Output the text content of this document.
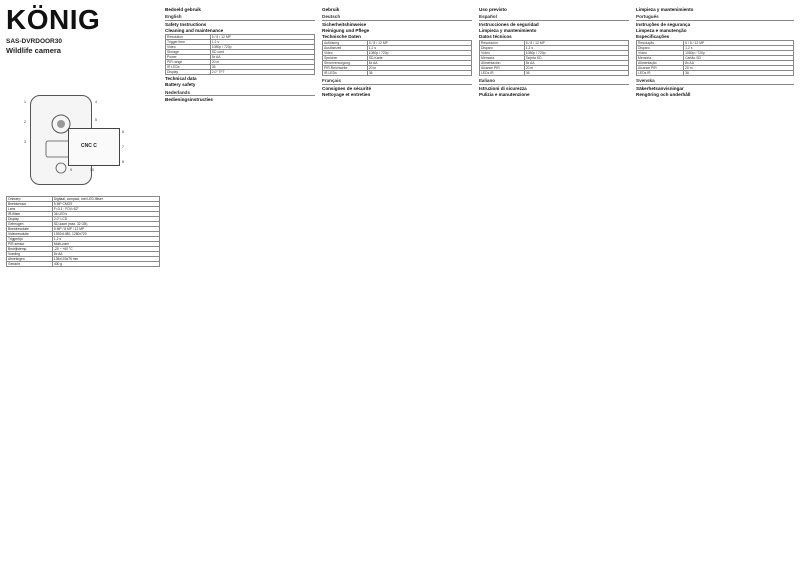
KÖNIG
SAS-DVRDOOR30
Wildlife camera
CNC C
1
2
3
4
5
6
7
8
9	10
Ontwerp	Digitaal, compact, met LED-flitser
Beeldsensor	5 MP CMOS
Lens	F=3.1 ; FOV=52°
IR-flitser	36 LED's
Display	2.0" LCD
Geheugen	SD-kaart (max. 32 GB)
Beeldresolutie	5 MP / 8 MP / 12 MP
Videoresolutie	1920x1080, 1280x720
Triggertijd	1,2 s
PIR-sensor	Multi-zone
Bedrijfstemp.	-20 ~ +60 °C
Voeding	8x AA
Afmetingen	135x103x75 mm
Gewicht	400 g
Bedoeld gebruik
English
Safety Instructions
Cleaning and maintenance
Resolution	5 / 8 / 12 MP
Trigger time	1.2 s
Video	1080p / 720p
Storage	SD card
Power	8x AA
PIR range	20 m
IR LEDs	36
Display	2.0" TFT
Technical data
Battery safety
Nederlands
Bedieningsinstructies
Gebruik
Deutsch
Sicherheitshinweise
Reinigung und Pflege
Technische Daten
Auflösung	5 / 8 / 12 MP
Auslösezeit	1,2 s
Video	1080p / 720p
Speicher	SD-Karte
Stromversorgung	8x AA
PIR-Reichweite	20 m
IR-LEDs	36
Français
Consignes de sécurité
Nettoyage et entretien
Uso previsto
Español
Instrucciones de seguridad
Limpieza y mantenimiento
Datos técnicos
Resolución	5 / 8 / 12 MP
Disparo	1,2 s
Vídeo	1080p / 720p
Memoria	Tarjeta SD
Alimentación	8x AA
Alcance PIR	20 m
LEDs IR	36
Italiano
Istruzioni di sicurezza
Pulizia e manutenzione
Limpieza y mantenimiento
Português
Instruções de segurança
Limpeza e manutenção
Especificações
Resolução	5 / 8 / 12 MP
Disparo	1,2 s
Vídeo	1080p / 720p
Memória	Cartão SD
Alimentação	8x AA
Alcance PIR	20 m
LEDs IR	36
Svenska
Säkerhetsanvisningar
Rengöring och underhåll
